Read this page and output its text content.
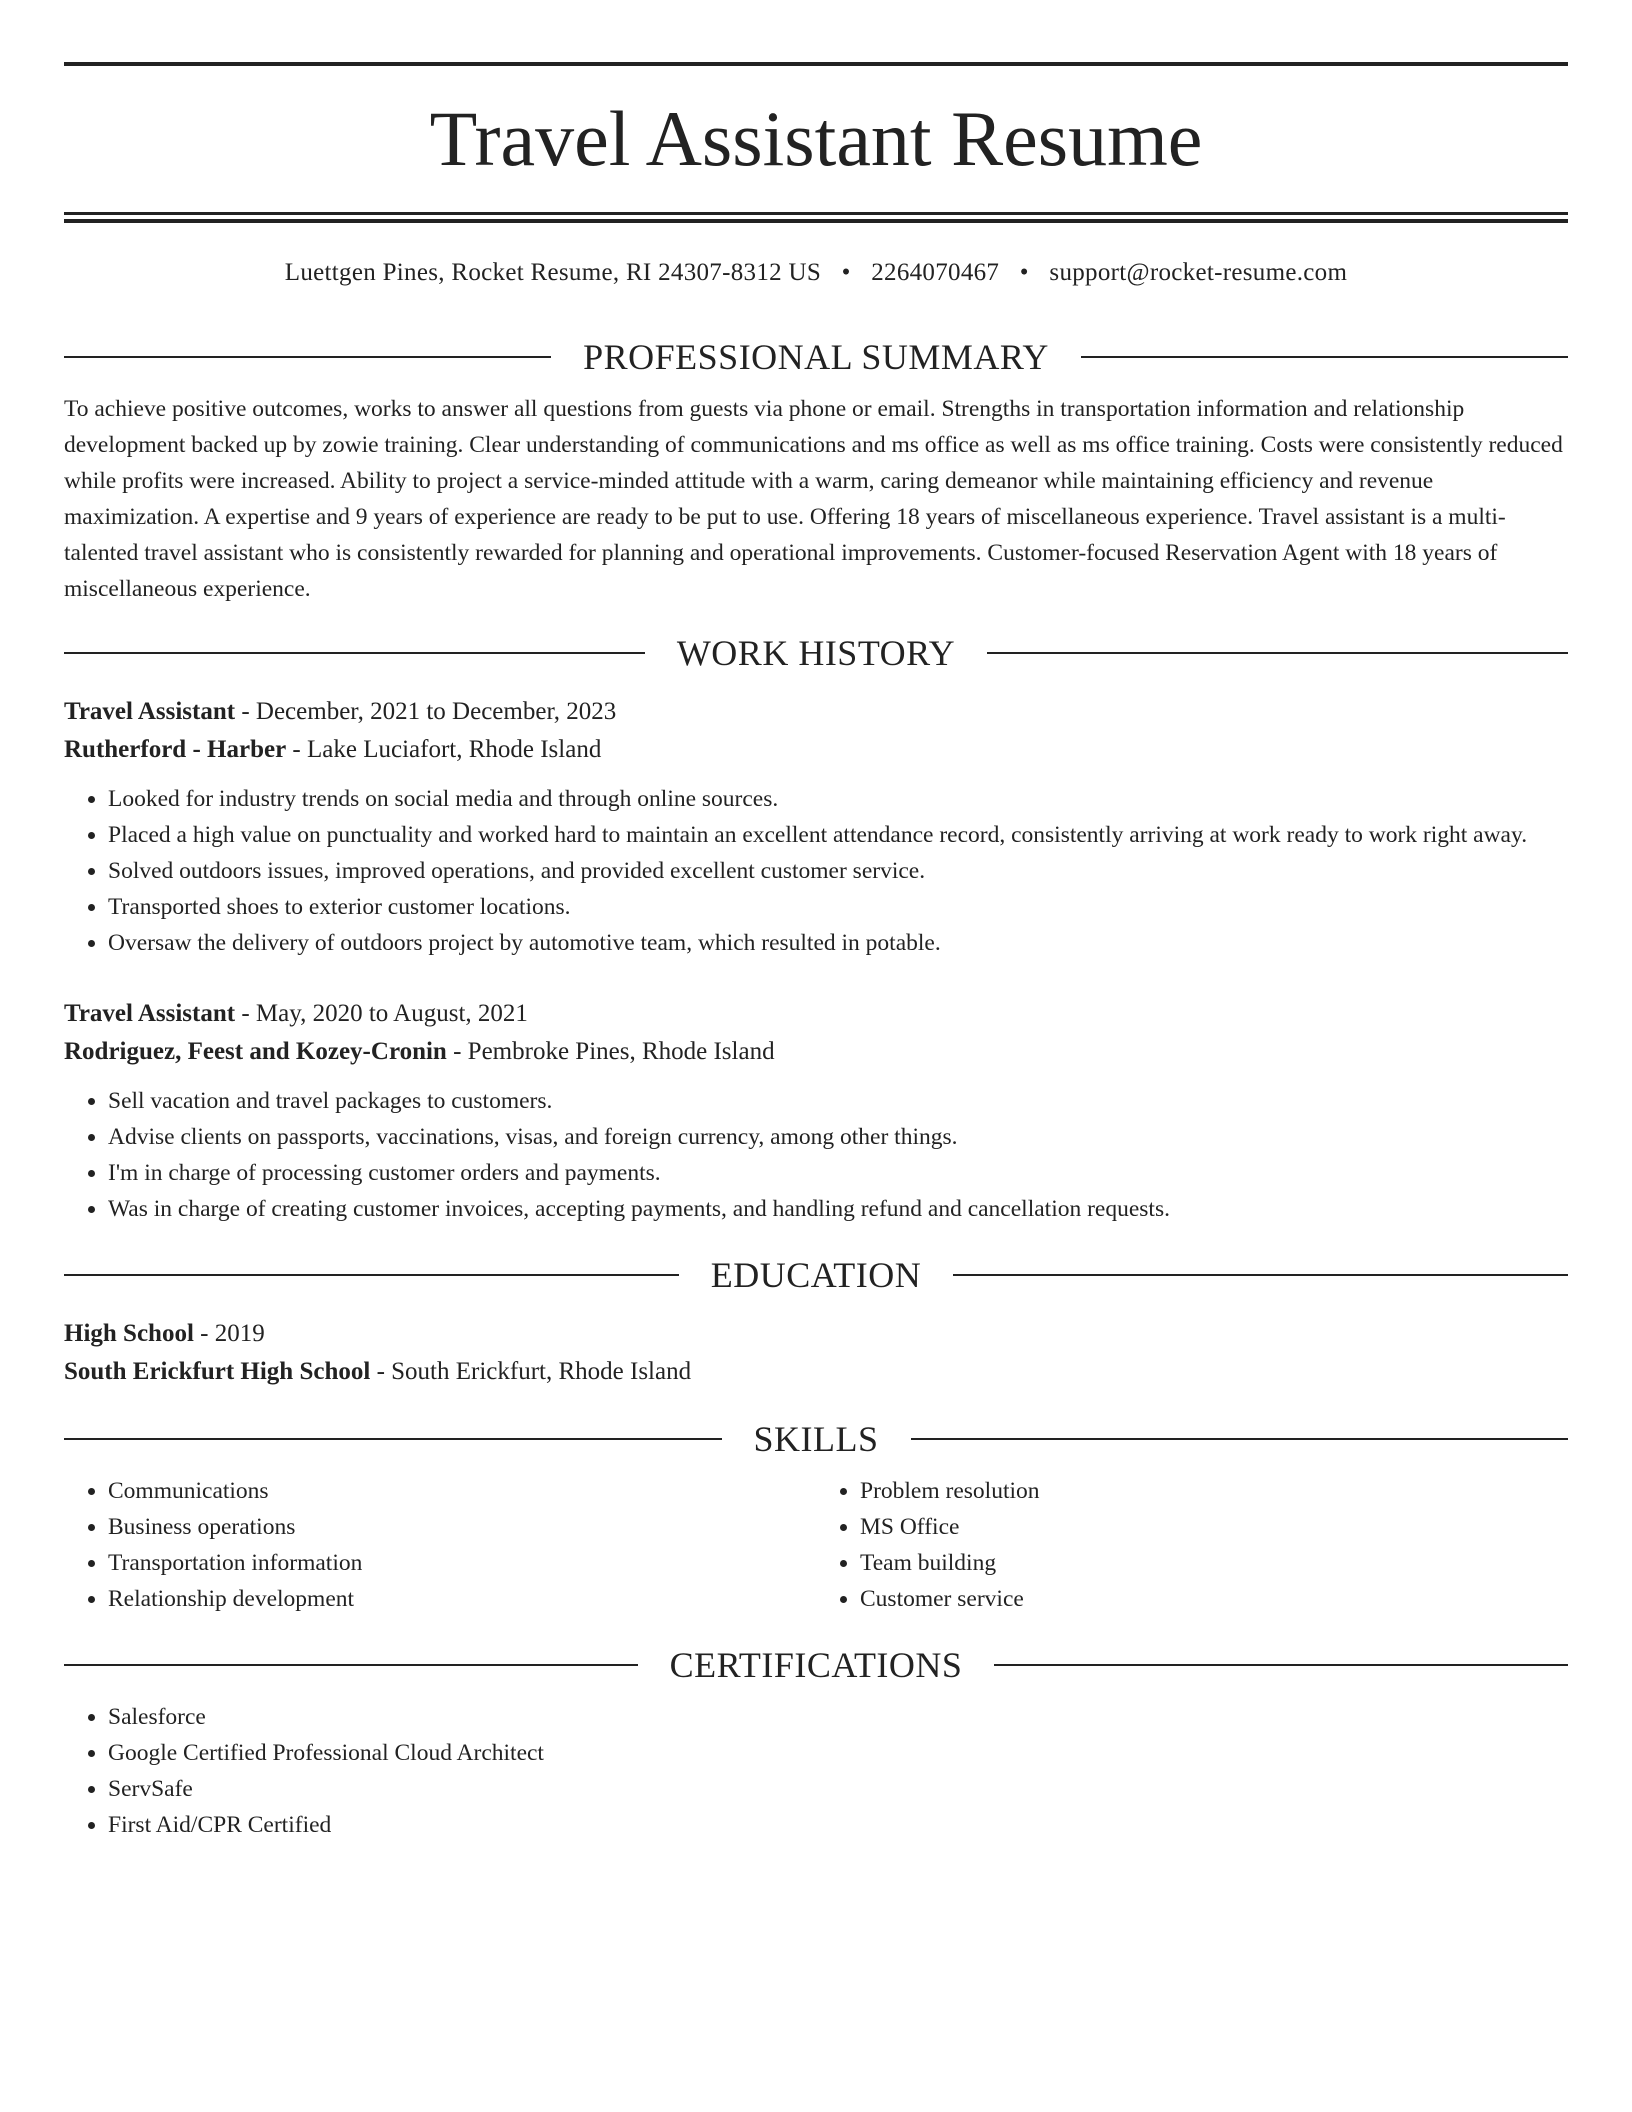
Travel Assistant Resume
Luettgen Pines, Rocket Resume, RI 24307-8312 US • 2264070467 • support@rocket-resume.com
PROFESSIONAL SUMMARY
To achieve positive outcomes, works to answer all questions from guests via phone or email. Strengths in transportation information and relationship development backed up by zowie training. Clear understanding of communications and ms office as well as ms office training. Costs were consistently reduced while profits were increased. Ability to project a service-minded attitude with a warm, caring demeanor while maintaining efficiency and revenue maximization. A expertise and 9 years of experience are ready to be put to use. Offering 18 years of miscellaneous experience. Travel assistant is a multi-talented travel assistant who is consistently rewarded for planning and operational improvements. Customer-focused Reservation Agent with 18 years of miscellaneous experience.
WORK HISTORY
Travel Assistant - December, 2021 to December, 2023
Rutherford - Harber - Lake Luciafort, Rhode Island
• Looked for industry trends on social media and through online sources.
• Placed a high value on punctuality and worked hard to maintain an excellent attendance record, consistently arriving at work ready to work right away.
• Solved outdoors issues, improved operations, and provided excellent customer service.
• Transported shoes to exterior customer locations.
• Oversaw the delivery of outdoors project by automotive team, which resulted in potable.
Travel Assistant - May, 2020 to August, 2021
Rodriguez, Feest and Kozey-Cronin - Pembroke Pines, Rhode Island
• Sell vacation and travel packages to customers.
• Advise clients on passports, vaccinations, visas, and foreign currency, among other things.
• I'm in charge of processing customer orders and payments.
• Was in charge of creating customer invoices, accepting payments, and handling refund and cancellation requests.
EDUCATION
High School - 2019
South Erickfurt High School - South Erickfurt, Rhode Island
SKILLS
• Communications
• Business operations
• Transportation information
• Relationship development
• Problem resolution
• MS Office
• Team building
• Customer service
CERTIFICATIONS
• Salesforce
• Google Certified Professional Cloud Architect
• ServSafe
• First Aid/CPR Certified
